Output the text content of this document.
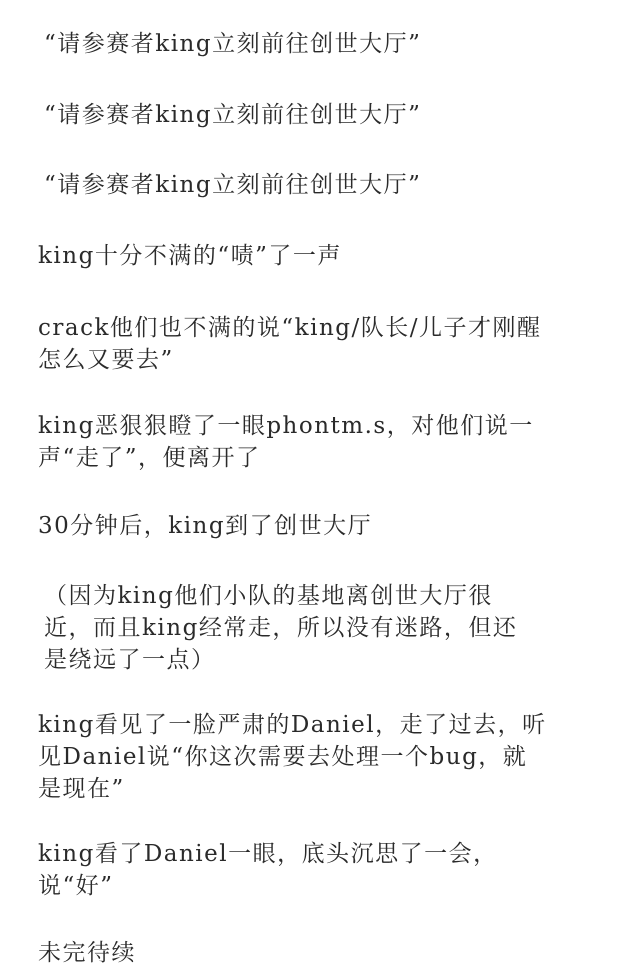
“请参赛者king立刻前往创世大厅”

“请参赛者king立刻前往创世大厅”

“请参赛者king立刻前往创世大厅”

king十分不满的“啧”了一声

crack他们也不满的说“king/队长/儿子才刚醒
怎么又要去”

king恶狠狠瞪了一眼phontm.s，对他们说一
声“走了”，便离开了

30分钟后，king到了创世大厅

（因为king他们小队的基地离创世大厅很
近，而且king经常走，所以没有迷路，但还
是绕远了一点）

king看见了一脸严肃的Daniel，走了过去，听
见Daniel说“你这次需要去处理一个bug，就
是现在”

king看了Daniel一眼，底头沉思了一会，
说“好”

未完待续
